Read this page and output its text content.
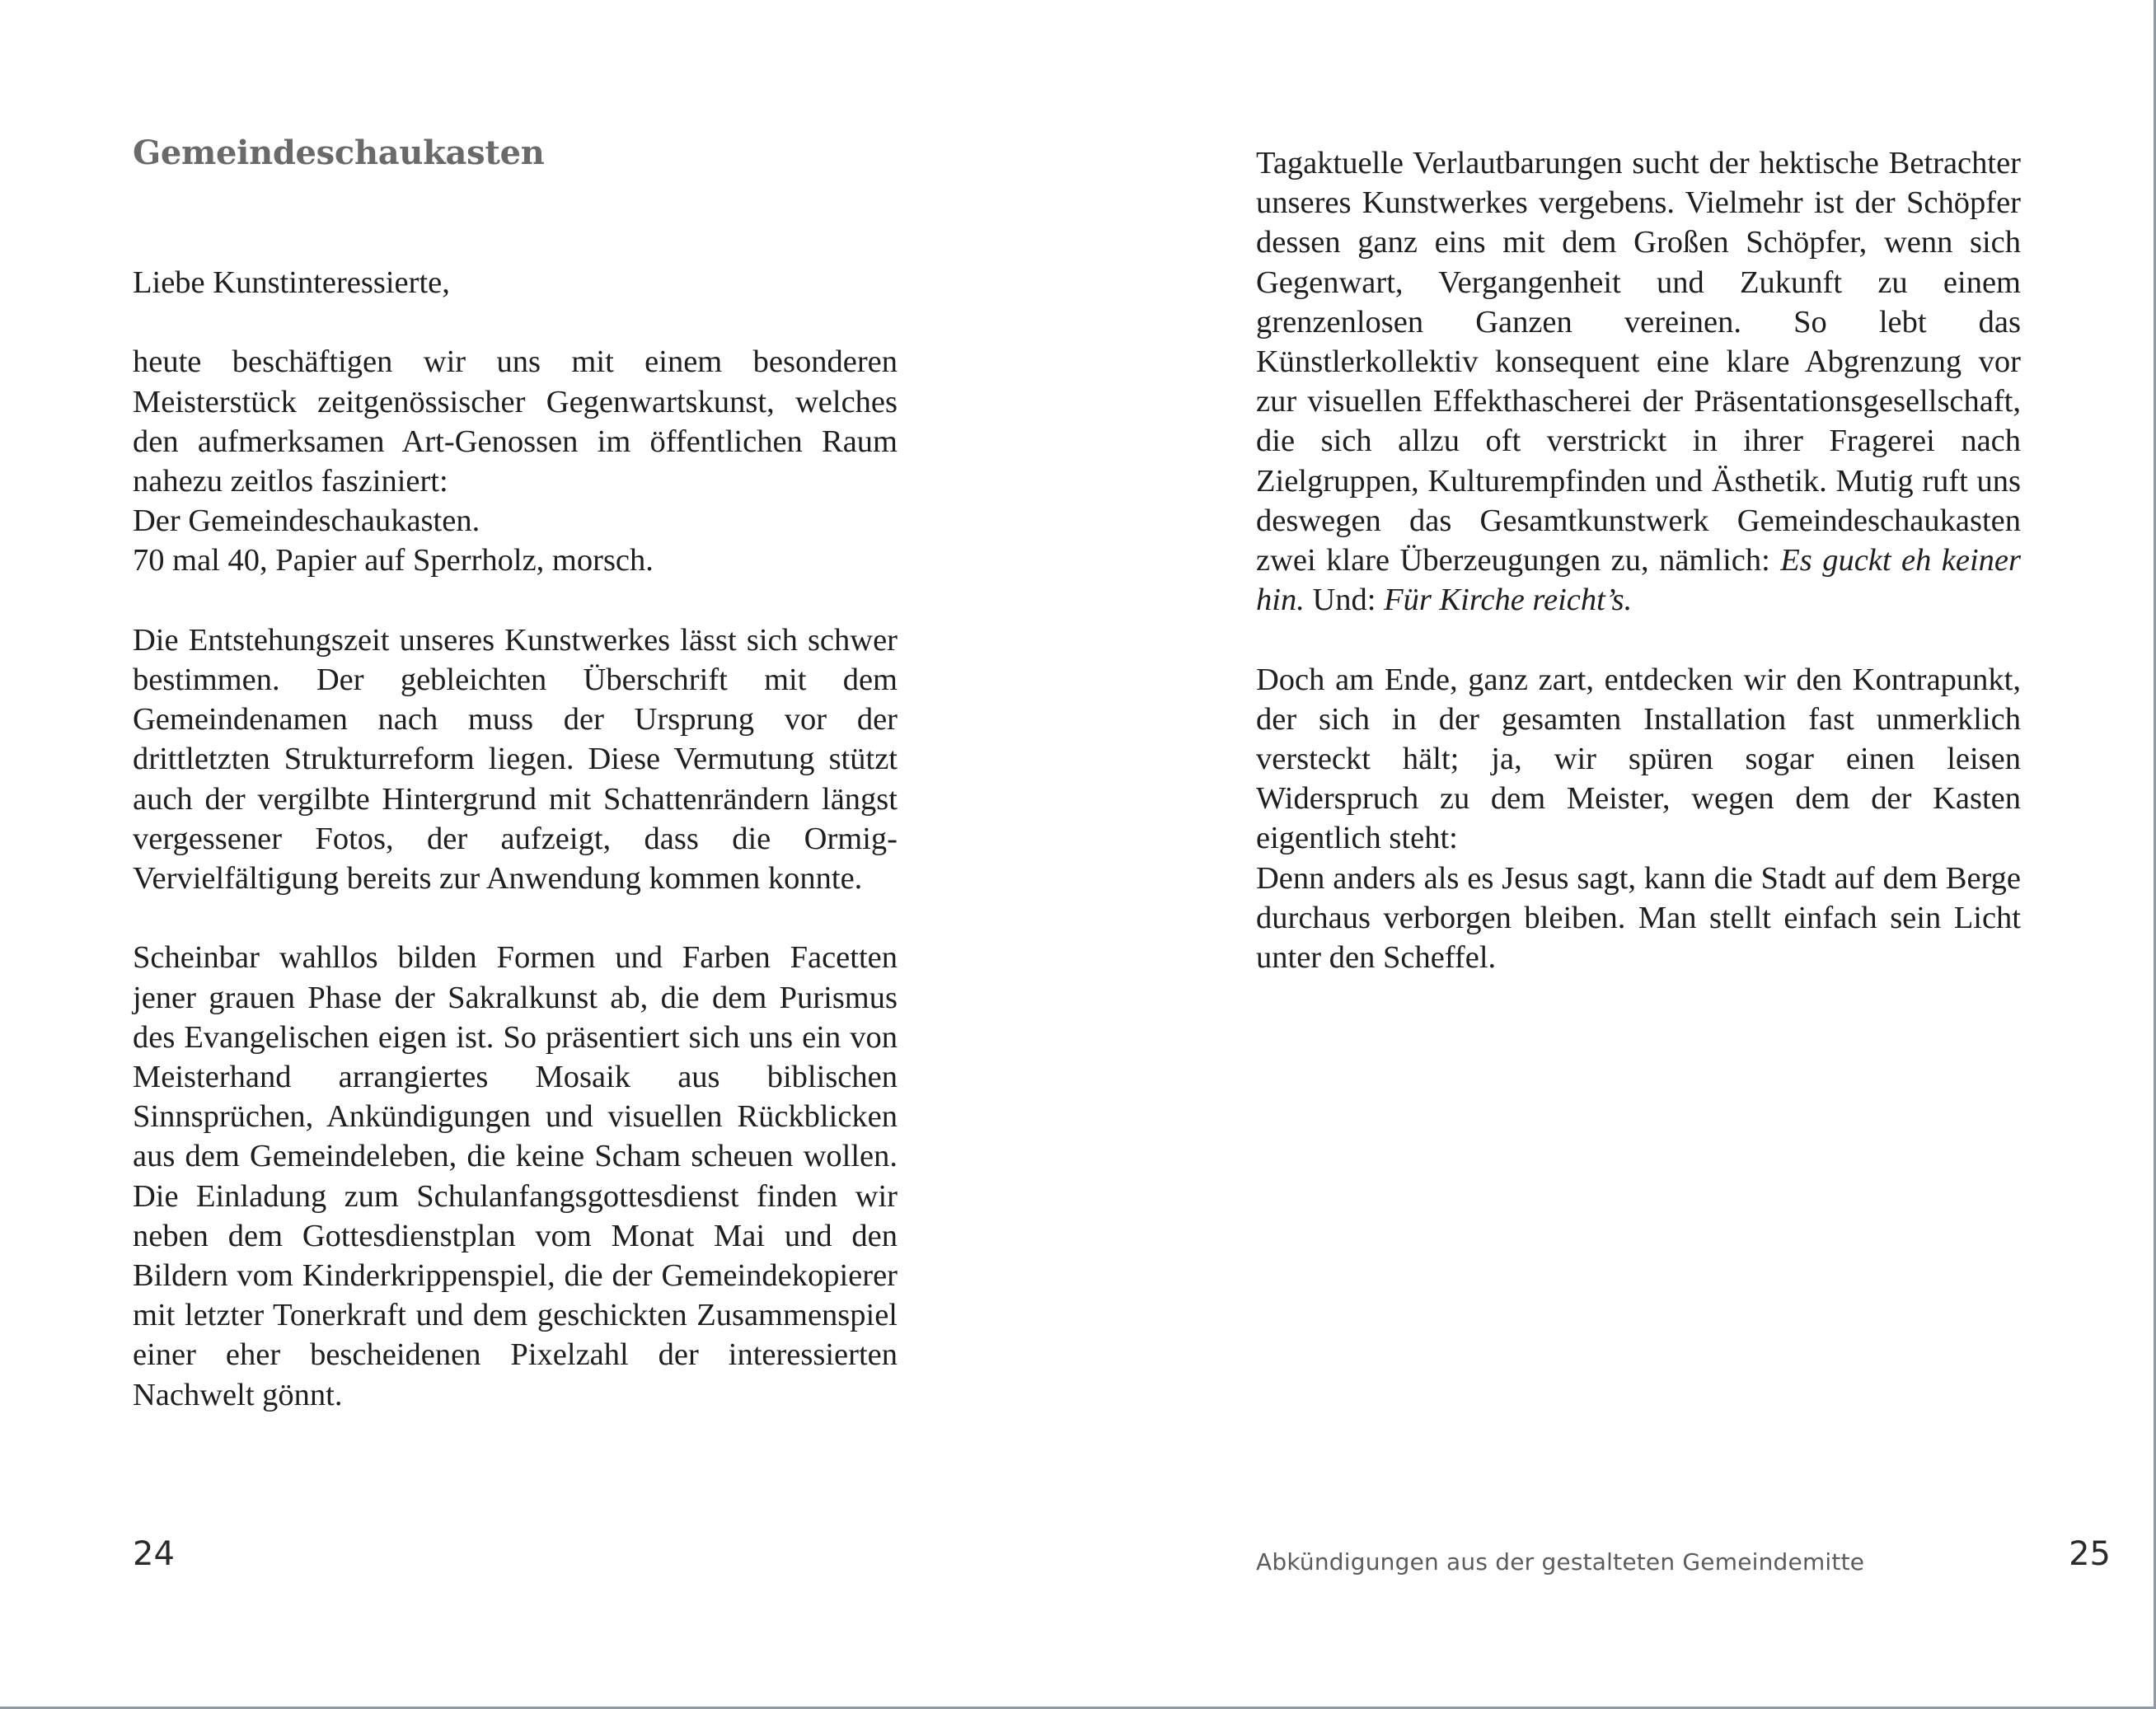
Gemeindeschaukasten

Liebe Kunstinteressierte,

heute beschäftigen wir uns mit einem besonderen Meisterstück zeitgenössischer Gegenwartskunst, welches den aufmerksamen Art-Genossen im öffentlichen Raum nahezu zeitlos fasziniert:

Der Gemeindeschaukasten.
70 mal 40, Papier auf Sperrholz, morsch.

Die Entstehungszeit unseres Kunstwerkes lässt sich schwer bestimmen. Der gebleichten Überschrift mit dem Gemeindenamen nach muss der Ursprung vor der drittletzten Strukturreform liegen. Diese Vermutung stützt auch der vergilbte Hintergrund mit Schattenrändern längst vergessener Fotos, der aufzeigt, dass die Ormig-Vervielfältigung bereits zur Anwendung kommen konnte.

Scheinbar wahllos bilden Formen und Farben Facetten jener grauen Phase der Sakralkunst ab, die dem Purismus des Evangelischen eigen ist. So präsentiert sich uns ein von Meisterhand arrangiertes Mosaik aus biblischen Sinnsprüchen, Ankündigungen und visuellen Rückblicken aus dem Gemeindeleben, die keine Scham scheuen wollen. Die Einladung zum Schulanfangsgottesdienst finden wir neben dem Gottesdienstplan vom Monat Mai und den Bildern vom Kinderkrippenspiel, die der Gemeindekopierer mit letzter Tonerkraft und dem geschickten Zusammenspiel einer eher bescheidenen Pixelzahl der interessierten Nachwelt gönnt.

24

Tagaktuelle Verlautbarungen sucht der hektische Betrachter unseres Kunstwerkes vergebens. Vielmehr ist der Schöpfer dessen ganz eins mit dem Großen Schöpfer, wenn sich Gegenwart, Vergangenheit und Zukunft zu einem grenzenlosen Ganzen vereinen. So lebt das Künstlerkollektiv konsequent eine klare Abgrenzung vor zur visuellen Effekthascherei der Präsentationsgesellschaft, die sich allzu oft verstrickt in ihrer Fragerei nach Zielgruppen, Kulturempfinden und Ästhetik. Mutig ruft uns deswegen das Gesamtkunstwerk Gemeindeschaukasten zwei klare Überzeugungen zu, nämlich: Es guckt eh keiner hin. Und: Für Kirche reicht’s.

Doch am Ende, ganz zart, entdecken wir den Kontrapunkt, der sich in der gesamten Installation fast unmerklich versteckt hält; ja, wir spüren sogar einen leisen Widerspruch zu dem Meister, wegen dem der Kasten eigentlich steht:

Denn anders als es Jesus sagt, kann die Stadt auf dem Berge durchaus verborgen bleiben. Man stellt einfach sein Licht unter den Scheffel.

Abkündigungen aus der gestalteten Gemeindemitte	25
